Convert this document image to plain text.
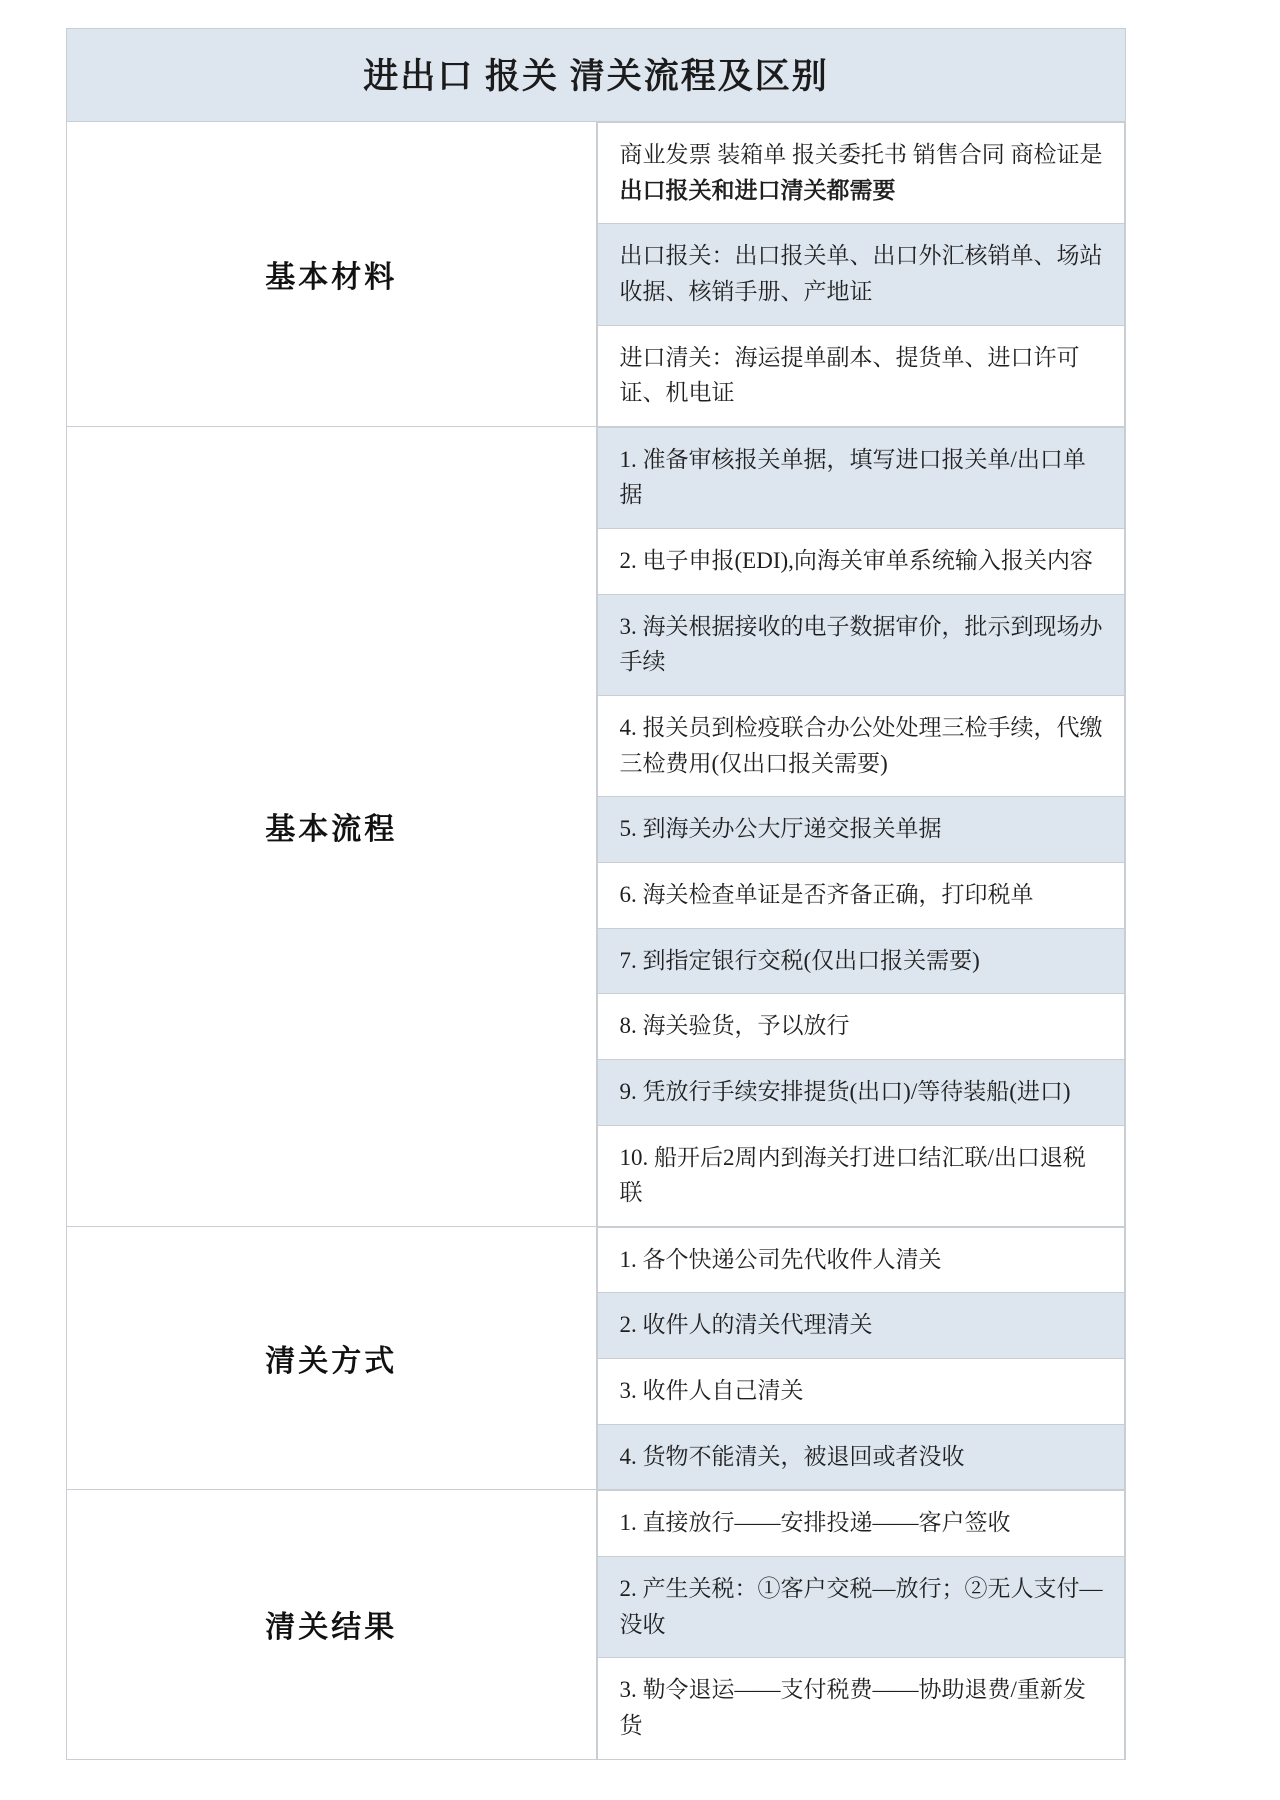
进出口 报关 清关流程及区别
基本材料	
商业发票 装箱单 报关委托书 销售合同 商检证是出口报关和进口清关都需要
出口报关：出口报关单、出口外汇核销单、场站收据、核销手册、产地证
进口清关：海运提单副本、提货单、进口许可证、机电证

基本流程	
1. 准备审核报关单据，填写进口报关单/出口单据
2. 电子申报(EDI),向海关审单系统输入报关内容
3. 海关根据接收的电子数据审价，批示到现场办手续
4. 报关员到检疫联合办公处处理三检手续，代缴三检费用(仅出口报关需要)
5. 到海关办公大厅递交报关单据
6. 海关检查单证是否齐备正确，打印税单
7. 到指定银行交税(仅出口报关需要)
8. 海关验货，予以放行
9. 凭放行手续安排提货(出口)/等待装船(进口)
10. 船开后2周内到海关打进口结汇联/出口退税联

清关方式	
1. 各个快递公司先代收件人清关
2. 收件人的清关代理清关
3. 收件人自己清关
4. 货物不能清关，被退回或者没收

清关结果	
1. 直接放行——安排投递——客户签收
2. 产生关税：①客户交税—放行；②无人支付—没收
3. 勒令退运——支付税费——协助退费/重新发货
